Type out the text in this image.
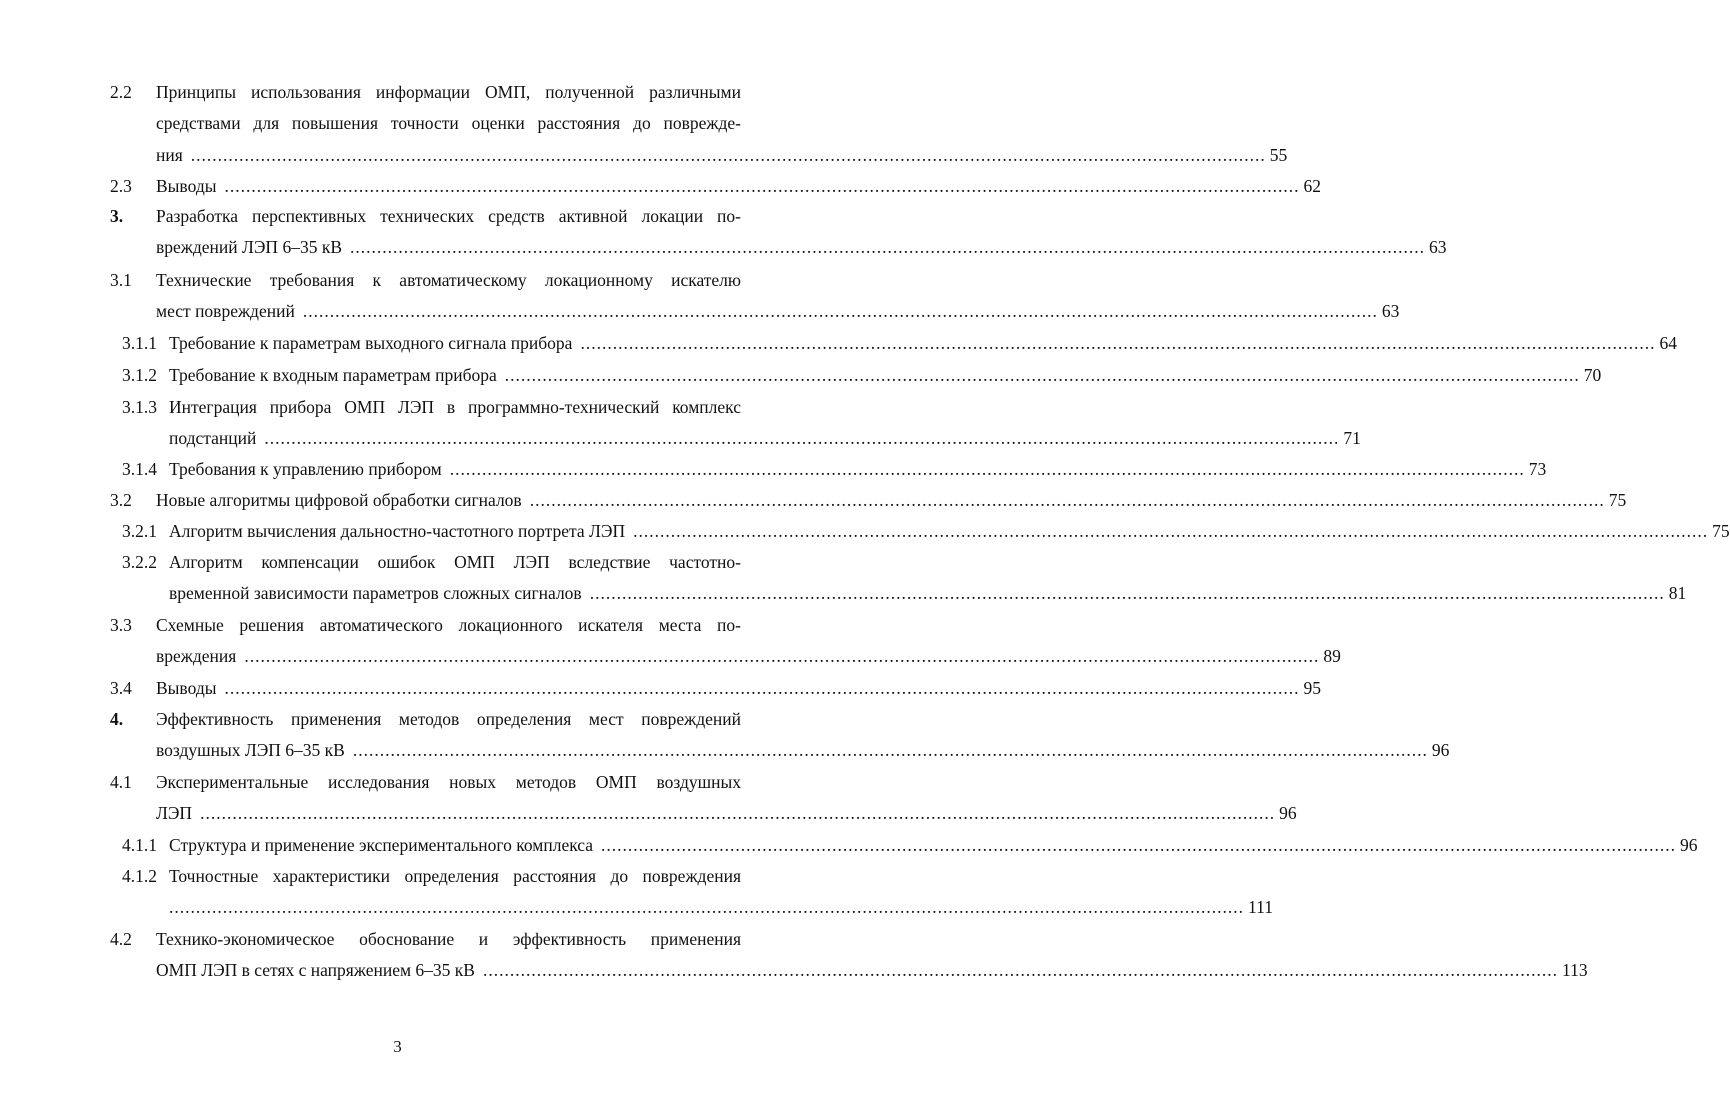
2.2 Принципы использования информации ОМП, полученной различными
средствами для повышения точности оценки расстояния до поврежде-
ния ........................................................................................................................................................................................................ 55
2.3 Выводы ........................................................................................................................................................................................................ 62
3. Разработка перспективных технических средств активной локации по-
вреждений ЛЭП 6–35 кВ ........................................................................................................................................................................................................ 63
3.1 Технические требования к автоматическому локационному искателю
мест повреждений ........................................................................................................................................................................................................ 63
3.1.1 Требование к параметрам выходного сигнала прибора ........................................................................................................................................................................................................ 64
3.1.2 Требование к входным параметрам прибора ........................................................................................................................................................................................................ 70
3.1.3 Интеграция прибора ОМП ЛЭП в программно-технический комплекс
подстанций ........................................................................................................................................................................................................ 71
3.1.4 Требования к управлению прибором ........................................................................................................................................................................................................ 73
3.2 Новые алгоритмы цифровой обработки сигналов ........................................................................................................................................................................................................ 75
3.2.1 Алгоритм вычисления дальностно-частотного портрета ЛЭП ........................................................................................................................................................................................................ 75
3.2.2 Алгоритм компенсации ошибок ОМП ЛЭП вследствие частотно-
временной зависимости параметров сложных сигналов ........................................................................................................................................................................................................ 81
3.3 Схемные решения автоматического локационного искателя места по-
вреждения ........................................................................................................................................................................................................ 89
3.4 Выводы ........................................................................................................................................................................................................ 95
4. Эффективность применения методов определения мест повреждений
воздушных ЛЭП 6–35 кВ ........................................................................................................................................................................................................ 96
4.1 Экспериментальные исследования новых методов ОМП воздушных
ЛЭП ........................................................................................................................................................................................................ 96
4.1.1 Структура и применение экспериментального комплекса ........................................................................................................................................................................................................ 96
4.1.2 Точностные характеристики определения расстояния до повреждения
........................................................................................................................................................................................................ 111
4.2 Технико-экономическое обоснование и эффективность применения
ОМП ЛЭП в сетях с напряжением 6–35 кВ ........................................................................................................................................................................................................ 113
3
